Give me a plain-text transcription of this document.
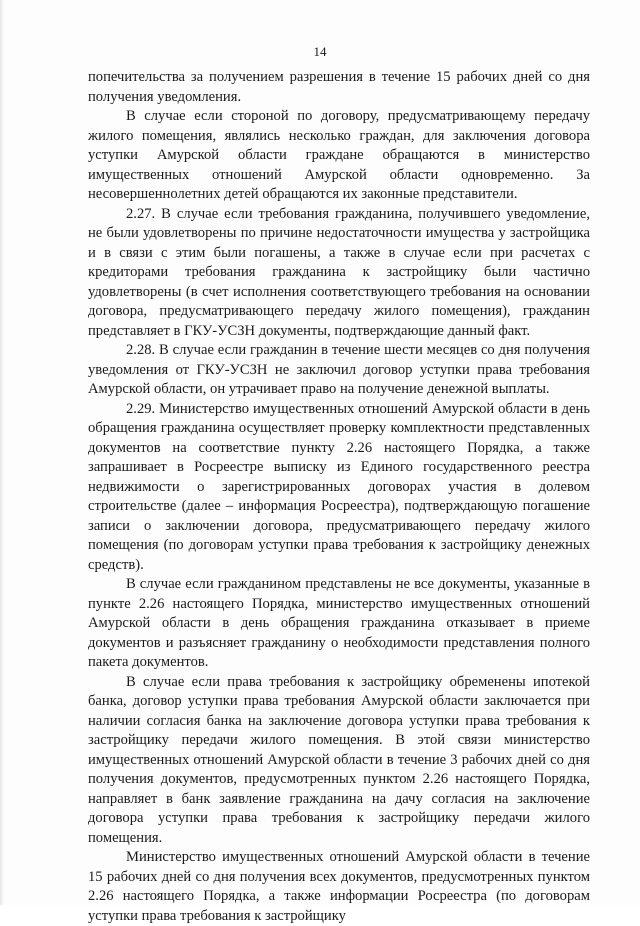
14

попечительства за получением разрешения в течение 15 рабочих дней со дня получения уведомления.

В случае если стороной по договору, предусматривающему передачу жилого помещения, являлись несколько граждан, для заключения договора уступки Амурской области граждане обращаются в министерство имущественных отношений Амурской области одновременно. За несовершеннолетних детей обращаются их законные представители.

2.27. В случае если требования гражданина, получившего уведомление, не были удовлетворены по причине недостаточности имущества у застройщика и в связи с этим были погашены, а также в случае если при расчетах с кредиторами требования гражданина к застройщику были частично удовлетворены (в счет исполнения соответствующего требования на основании договора, предусматривающего передачу жилого помещения), гражданин представляет в ГКУ-УСЗН документы, подтверждающие данный факт.

2.28. В случае если гражданин в течение шести месяцев со дня получения уведомления от ГКУ-УСЗН не заключил договор уступки права требования Амурской области, он утрачивает право на получение денежной выплаты.

2.29. Министерство имущественных отношений Амурской области в день обращения гражданина осуществляет проверку комплектности представленных документов на соответствие пункту 2.26 настоящего Порядка, а также запрашивает в Росреестре выписку из Единого государственного реестра недвижимости о зарегистрированных договорах участия в долевом строительстве (далее – информация Росреестра), подтверждающую погашение записи о заключении договора, предусматривающего передачу жилого помещения (по договорам уступки права требования к застройщику денежных средств).

В случае если гражданином представлены не все документы, указанные в пункте 2.26 настоящего Порядка, министерство имущественных отношений Амурской области в день обращения гражданина отказывает в приеме документов и разъясняет гражданину о необходимости представления полного пакета документов.

В случае если права требования к застройщику обременены ипотекой банка, договор уступки права требования Амурской области заключается при наличии согласия банка на заключение договора уступки права требования к застройщику передачи жилого помещения. В этой связи министерство имущественных отношений Амурской области в течение 3 рабочих дней со дня получения документов, предусмотренных пунктом 2.26 настоящего Порядка, направляет в банк заявление гражданина на дачу согласия на заключение договора уступки права требования к застройщику передачи жилого помещения.

Министерство имущественных отношений Амурской области в течение 15 рабочих дней со дня получения всех документов, предусмотренных пунктом 2.26 настоящего Порядка, а также информации Росреестра (по договорам уступки права требования к застройщику
